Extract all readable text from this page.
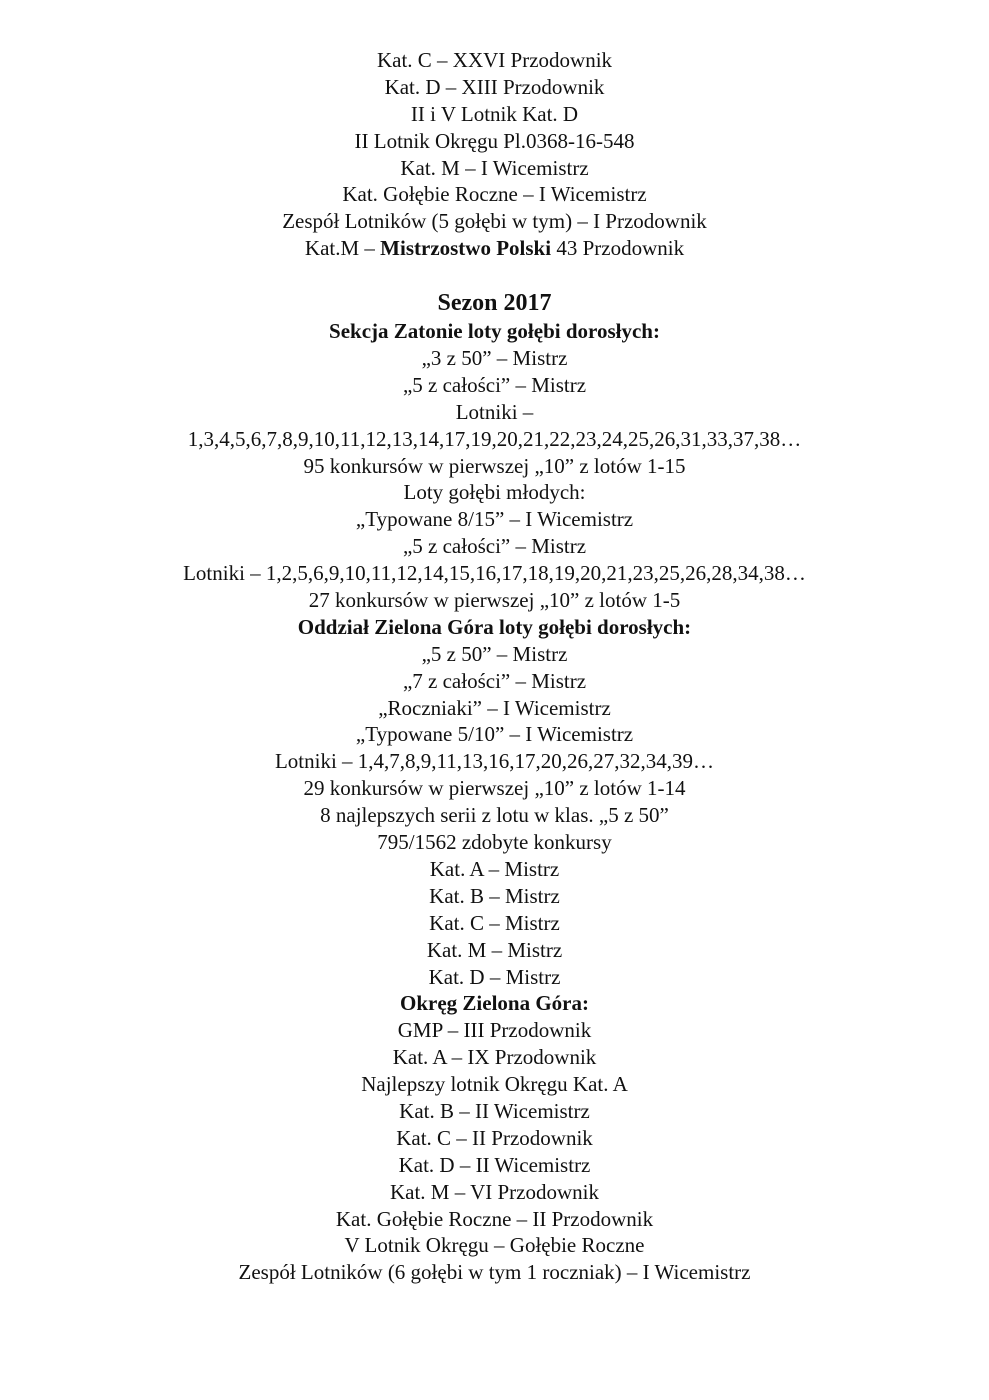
Kat. C – XXVI Przodownik
Kat. D – XIII Przodownik
II i V Lotnik Kat. D
II Lotnik Okręgu Pl.0368-16-548
Kat. M – I Wicemistrz
Kat. Gołębie Roczne – I Wicemistrz
Zespół Lotników (5 gołębi w tym) – I Przodownik
Kat.M – Mistrzostwo Polski 43 Przodownik
Sezon 2017
Sekcja Zatonie loty gołębi dorosłych:
„3 z 50” – Mistrz
„5 z całości” – Mistrz
Lotniki –
1,3,4,5,6,7,8,9,10,11,12,13,14,17,19,20,21,22,23,24,25,26,31,33,37,38…
95 konkursów w pierwszej „10” z lotów 1-15
Loty gołębi młodych:
„Typowane 8/15” – I Wicemistrz
„5 z całości” – Mistrz
Lotniki – 1,2,5,6,9,10,11,12,14,15,16,17,18,19,20,21,23,25,26,28,34,38…
27 konkursów w pierwszej „10” z lotów 1-5
Oddział Zielona Góra loty gołębi dorosłych:
„5 z 50” – Mistrz
„7 z całości” – Mistrz
„Roczniaki” – I Wicemistrz
„Typowane 5/10” – I Wicemistrz
Lotniki – 1,4,7,8,9,11,13,16,17,20,26,27,32,34,39…
29 konkursów w pierwszej „10” z lotów 1-14
8 najlepszych serii z lotu w klas. „5 z 50”
795/1562 zdobyte konkursy
Kat. A – Mistrz
Kat. B – Mistrz
Kat. C – Mistrz
Kat. M – Mistrz
Kat. D – Mistrz
Okręg Zielona Góra:
GMP – III Przodownik
Kat. A – IX Przodownik
Najlepszy lotnik Okręgu Kat. A
Kat. B – II Wicemistrz
Kat. C – II Przodownik
Kat. D – II Wicemistrz
Kat. M – VI Przodownik
Kat. Gołębie Roczne – II Przodownik
V Lotnik Okręgu – Gołębie Roczne
Zespół Lotników (6 gołębi w tym 1 roczniak) – I Wicemistrz
